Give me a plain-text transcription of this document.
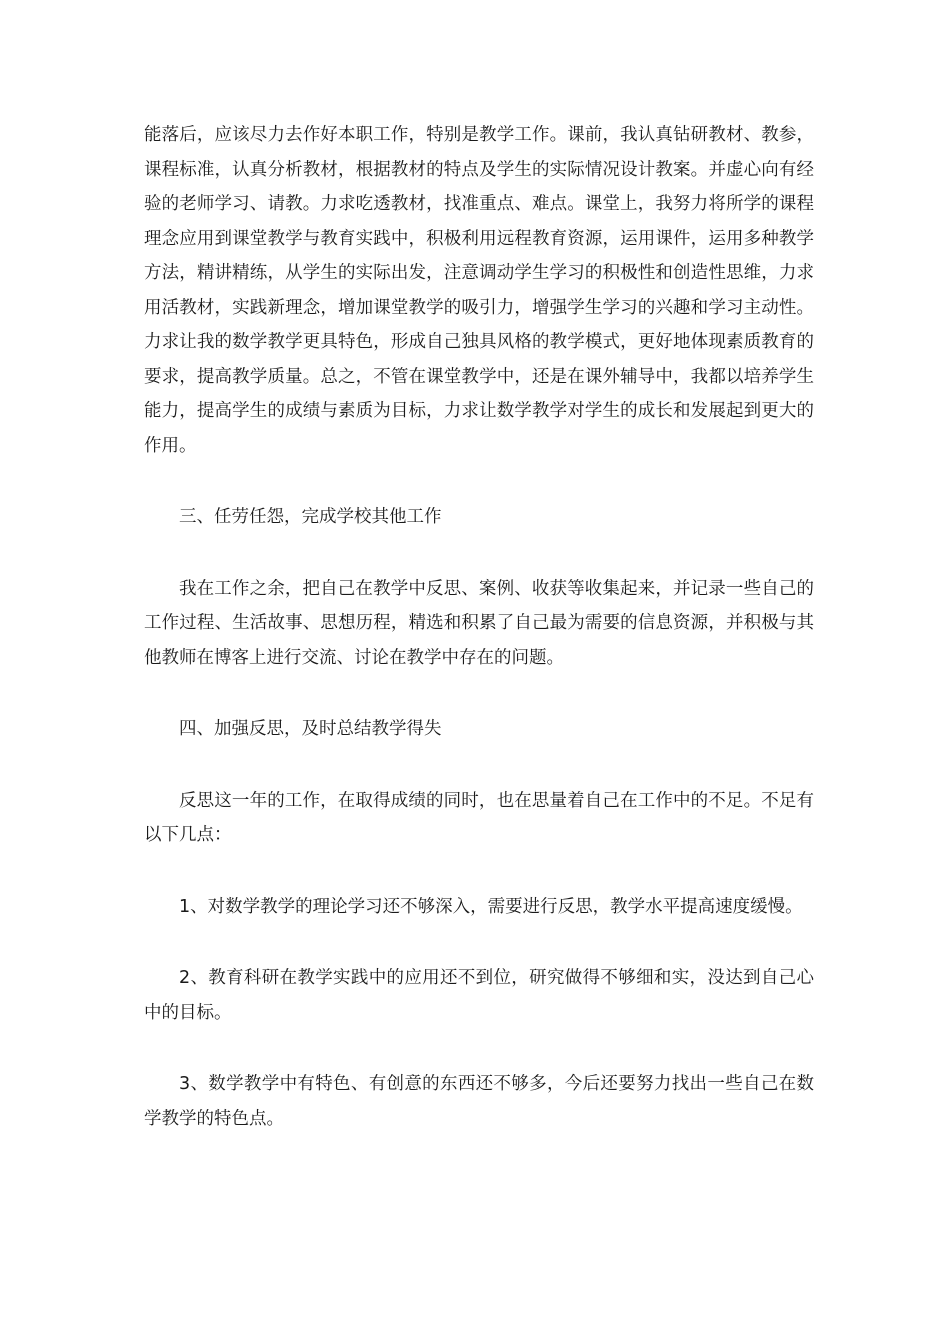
能落后，应该尽力去作好本职工作，特别是教学工作。课前，我认真钻研教材、教参，课程标准，认真分析教材，根据教材的特点及学生的实际情况设计教案。并虚心向有经验的老师学习、请教。力求吃透教材，找准重点、难点。课堂上，我努力将所学的课程理念应用到课堂教学与教育实践中，积极利用远程教育资源，运用课件，运用多种教学方法，精讲精练，从学生的实际出发，注意调动学生学习的积极性和创造性思维，力求用活教材，实践新理念，增加课堂教学的吸引力，增强学生学习的兴趣和学习主动性。力求让我的数学教学更具特色，形成自己独具风格的教学模式，更好地体现素质教育的要求，提高教学质量。总之，不管在课堂教学中，还是在课外辅导中，我都以培养学生能力，提高学生的成绩与素质为目标，力求让数学教学对学生的成长和发展起到更大的作用。

三、任劳任怨，完成学校其他工作

我在工作之余，把自己在教学中反思、案例、收获等收集起来，并记录一些自己的工作过程、生活故事、思想历程，精选和积累了自己最为需要的信息资源，并积极与其他教师在博客上进行交流、讨论在教学中存在的问题。

四、加强反思，及时总结教学得失

反思这一年的工作，在取得成绩的同时，也在思量着自己在工作中的不足。不足有以下几点：

1、对数学教学的理论学习还不够深入，需要进行反思，教学水平提高速度缓慢。

2、教育科研在教学实践中的应用还不到位，研究做得不够细和实，没达到自己心中的目标。

3、数学教学中有特色、有创意的东西还不够多，今后还要努力找出一些自己在数学教学的特色点。
